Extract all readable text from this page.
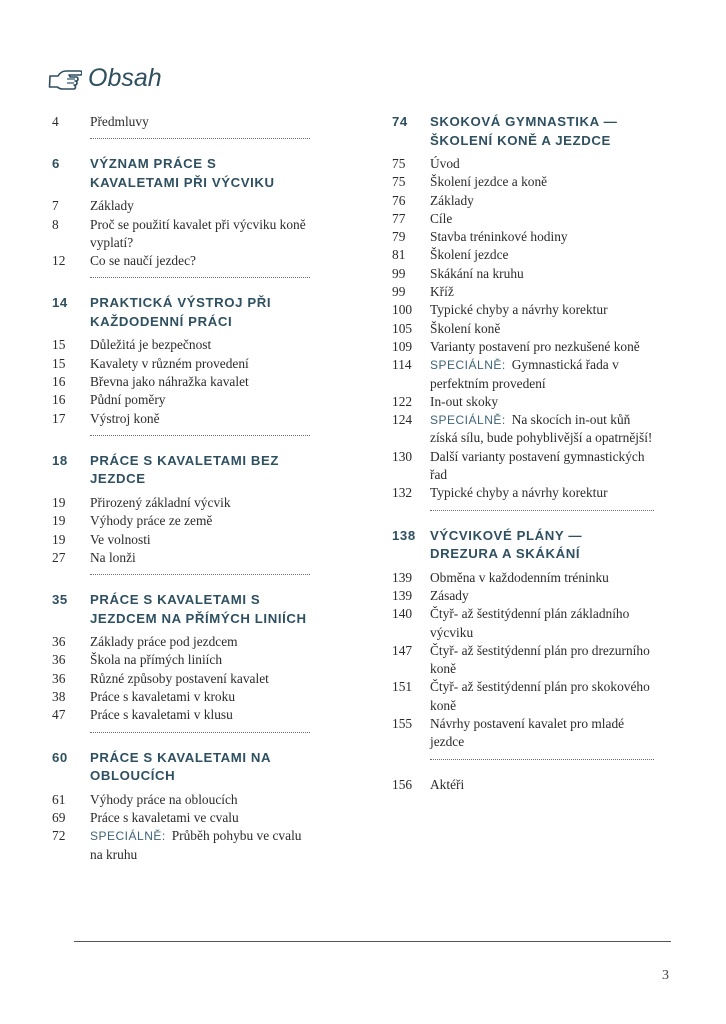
Obsah
4	Předmluvy
6	VÝZNAM PRÁCE S KAVALETAMI PŘI VÝCVIKU
7	Základy
8	Proč se použití kavalet při výcviku koně vyplatí?
12	Co se naučí jezdec?
14	PRAKTICKÁ VÝSTROJ PŘI KAŽDODENNÍ PRÁCI
15	Důležitá je bezpečnost
15	Kavalety v různém provedení
16	Břevna jako náhražka kavalet
16	Půdní poměry
17	Výstroj koně
18	PRÁCE S KAVALETAMI BEZ JEZDCE
19	Přirozený základní výcvik
19	Výhody práce ze země
19	Ve volnosti
27	Na lonži
35	PRÁCE S KAVALETAMI S JEZDCEM NA PŘÍMÝCH LINIÍCH
36	Základy práce pod jezdcem
36	Škola na přímých liniích
36	Různé způsoby postavení kavalet
38	Práce s kavaletami v kroku
47	Práce s kavaletami v klusu
60	PRÁCE S KAVALETAMI NA OBLOUCÍCH
61	Výhody práce na obloucích
69	Práce s kavaletami ve cvalu
72	SPECIÁLNĚ: Průběh pohybu ve cvalu na kruhu
74	SKOKOVÁ GYMNASTIKA — ŠKOLENÍ KONĚ A JEZDCE
75	Úvod
75	Školení jezdce a koně
76	Základy
77	Cíle
79	Stavba tréninkové hodiny
81	Školení jezdce
99	Skákání na kruhu
99	Kříž
100	Typické chyby a návrhy korektur
105	Školení koně
109	Varianty postavení pro nezkušené koně
114	SPECIÁLNĚ: Gymnastická řada v perfektním provedení
122	In-out skoky
124	SPECIÁLNĚ: Na skocích in-out kůň získá sílu, bude pohyblivější a opatrnější!
130	Další varianty postavení gymnastických řad
132	Typické chyby a návrhy korektur
138	VÝCVIKOVÉ PLÁNY — DREZURA A SKÁKÁNÍ
139	Obměna v každodenním tréninku
139	Zásady
140	Čtyř- až šestitýdenní plán základního výcviku
147	Čtyř- až šestitýdenní plán pro drezurního koně
151	Čtyř- až šestitýdenní plán pro skokového koně
155	Návrhy postavení kavalet pro mladé jezdce
156	Aktéři
3
